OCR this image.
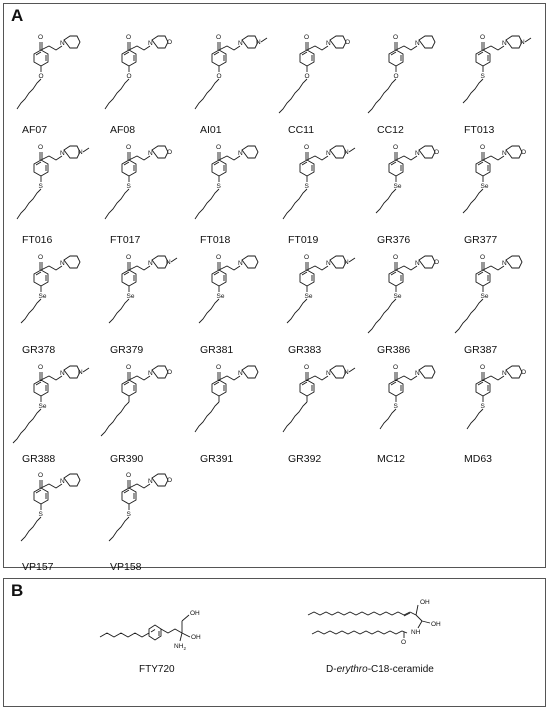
A
O
N
O
AF07
O
N O
O
AF08
O
N N
O
AI01
O
N O
O
CC11
O
N
O
CC12
O
N N
S
FT013
O
N N
S
FT016
O
N O
S
FT017
O
N
S
FT018
O
N N
S
FT019
O
N O
Se
GR376
O
N O
Se
GR377
O
N
Se
GR378
O
N N
Se
GR379
O
N
Se
GR381
O
N N
Se
GR383
O
N O
Se
GR386
O
N
Se
GR387
O
N N
Se
GR388
O
N O
GR390
O
N
GR391
O
N N
GR392
O
N
S
MC12
O
N O
S
MD63
O
N
S
VP157
O
N O
S
VP158
B
OH
OH
NH 2
FTY720
OH
OH
NH
O
D-erythro-C18-ceramide
